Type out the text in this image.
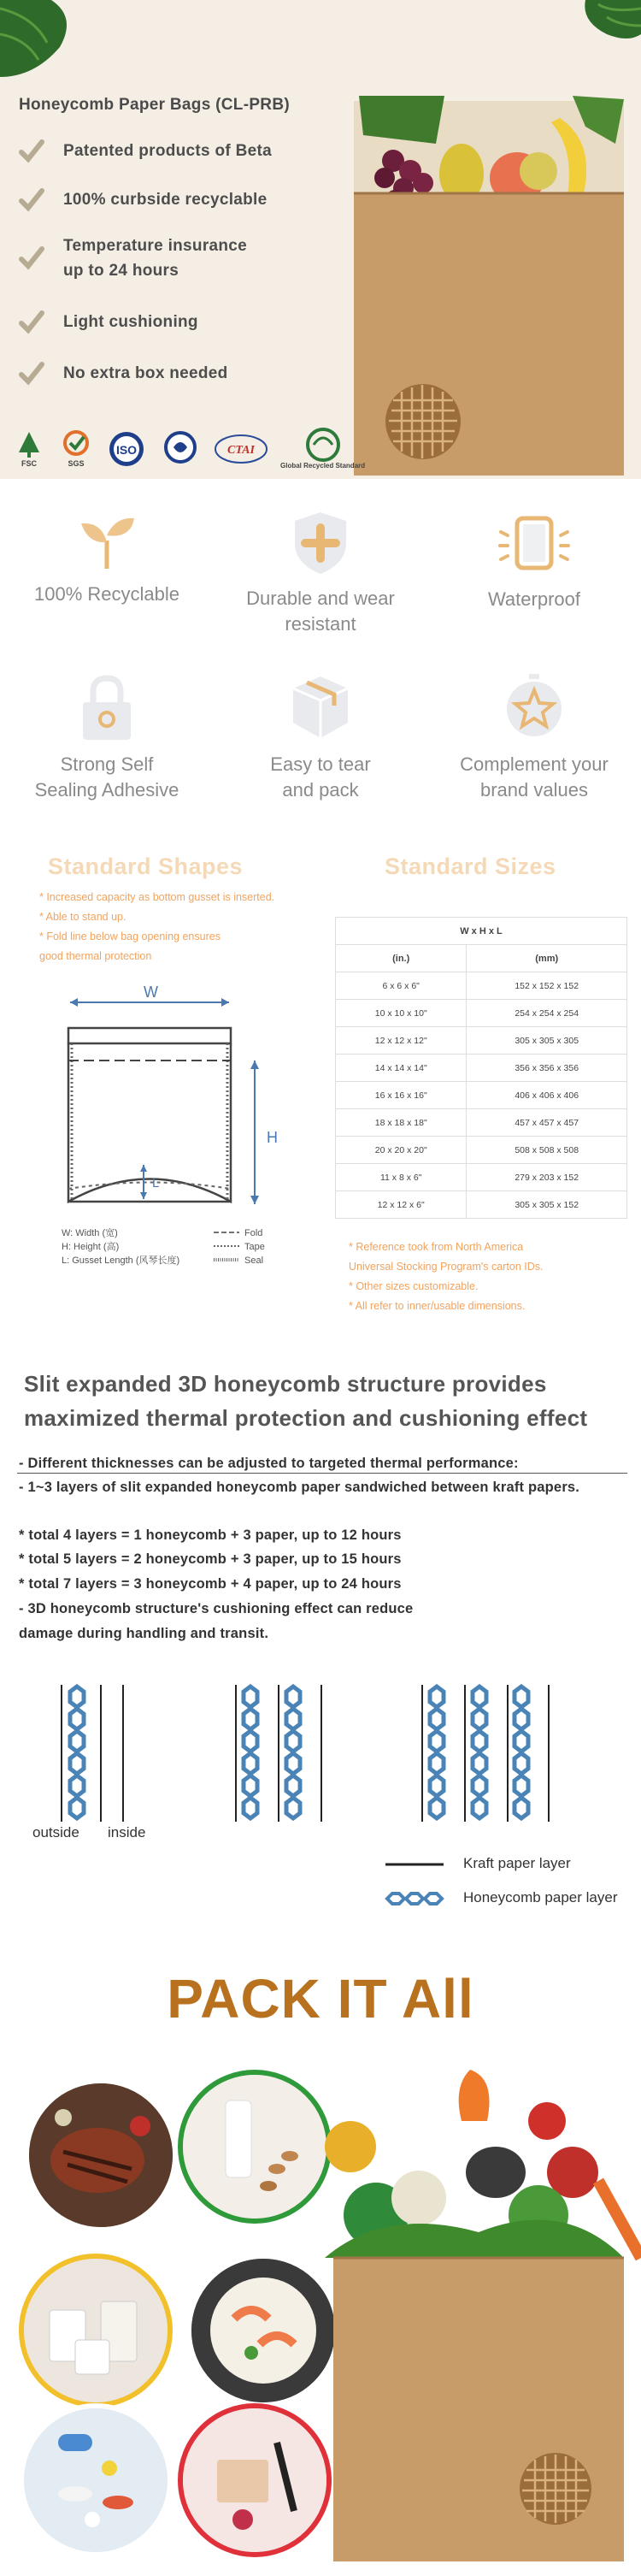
Honeycomb Paper Bags (CL-PRB)
Patented products of Beta
100% curbside recyclable
Temperature insurance
up to 24 hours
Light cushioning
No extra box needed
FSC	SGS
ISO	CTAI
Global Recycled Standard
100% Recyclable	Durable and wear
resistant
Waterproof
Strong Self
Sealing Adhesive
Easy to tear
and pack
Complement your
brand values
Standard Shapes
* Increased capacity as bottom gusset is inserted.
* Able to stand up.
* Fold line below bag opening ensures
good thermal protection
W
H
L
W: Width (宽)
H: Height (高)
L: Gusset Length (风琴长度)
Fold
Tape
Seal
Standard Sizes
W x H x L	
(in.)	(mm)
6 x 6 x 6"	152 x 152 x 152
10 x 10 x 10"	254 x 254 x 254
12 x 12 x 12"	305 x 305 x 305
14 x 14 x 14"	356 x 356 x 356
16 x 16 x 16"	406 x 406 x 406
18 x 18 x 18"	457 x 457 x 457
20 x 20 x 20"	508 x 508 x 508
11 x 8 x 6"	279 x 203 x 152
12 x 12 x 6"	305 x 305 x 152
* Reference took from North America
Universal Stocking Program's carton IDs.
* Other sizes customizable.
* All refer to inner/usable dimensions.
Slit expanded 3D honeycomb structure provides
maximized thermal protection and cushioning effect
- Different thicknesses can be adjusted to targeted thermal performance:
- 1~3 layers of slit expanded honeycomb paper sandwiched between kraft papers.
* total 4 layers = 1 honeycomb + 3 paper, up to 12 hours
* total 5 layers = 2 honeycomb + 3 paper, up to 15 hours
* total 7 layers = 3 honeycomb + 4 paper, up to 24 hours
- 3D honeycomb structure's cushioning effect can reduce
damage during handling and transit.
outside inside
Kraft paper layer
Honeycomb paper layer
PACK IT All
